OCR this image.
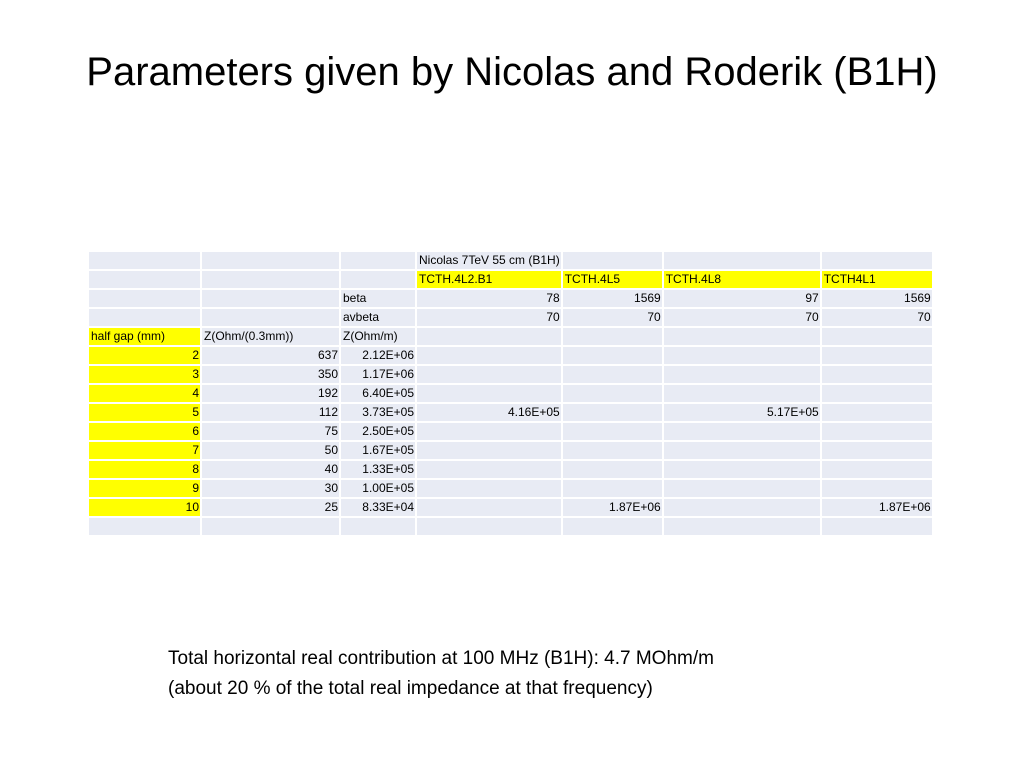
Parameters given by Nicolas and Roderik (B1H)
			Nicolas 7TeV 55 cm (B1H)			
			TCTH.4L2.B1	TCTH.4L5	TCTH.4L8	TCTH4L1
		beta	78	1569	97	1569
		avbeta	70	70	70	70
half gap (mm)	Z(Ohm/(0.3mm))	Z(Ohm/m)				
2	637	2.12E+06				
3	350	1.17E+06				
4	192	6.40E+05				
5	112	3.73E+05	4.16E+05		5.17E+05	
6	75	2.50E+05				
7	50	1.67E+05				
8	40	1.33E+05				
9	30	1.00E+05				
10	25	8.33E+04		1.87E+06		1.87E+06

Total horizontal real contribution at 100 MHz (B1H): 4.7 MOhm/m
(about 20 % of the total real impedance at that frequency)
